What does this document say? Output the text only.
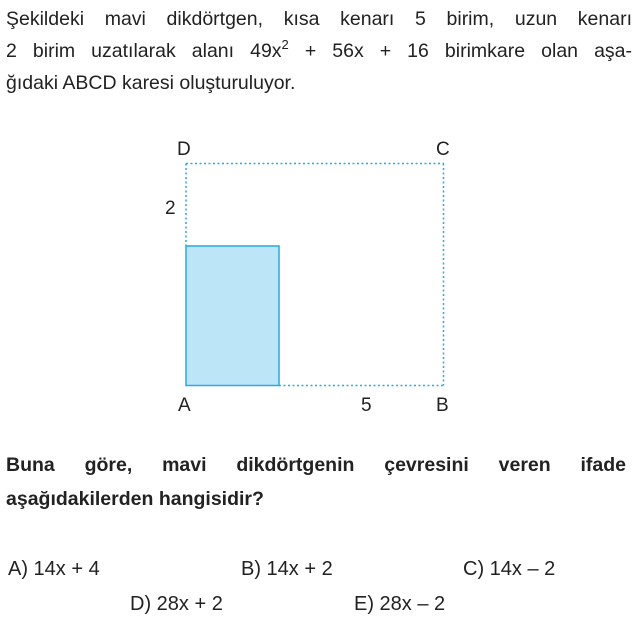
Şekildeki mavi dikdörtgen, kısa kenarı 5 birim, uzun kenarı
2 birim uzatılarak alanı $49x^2 + 56x + 16$ birimkare olan aşa-
ğıdaki ABCD karesi oluşturuluyor.

D	C
2
A	5	B

Buna göre, mavi dikdörtgenin çevresini veren ifade
aşağıdakilerden hangisidir?

A) 14x + 4	B) 14x + 2	C) 14x – 2
D) 28x + 2	E) 28x – 2
